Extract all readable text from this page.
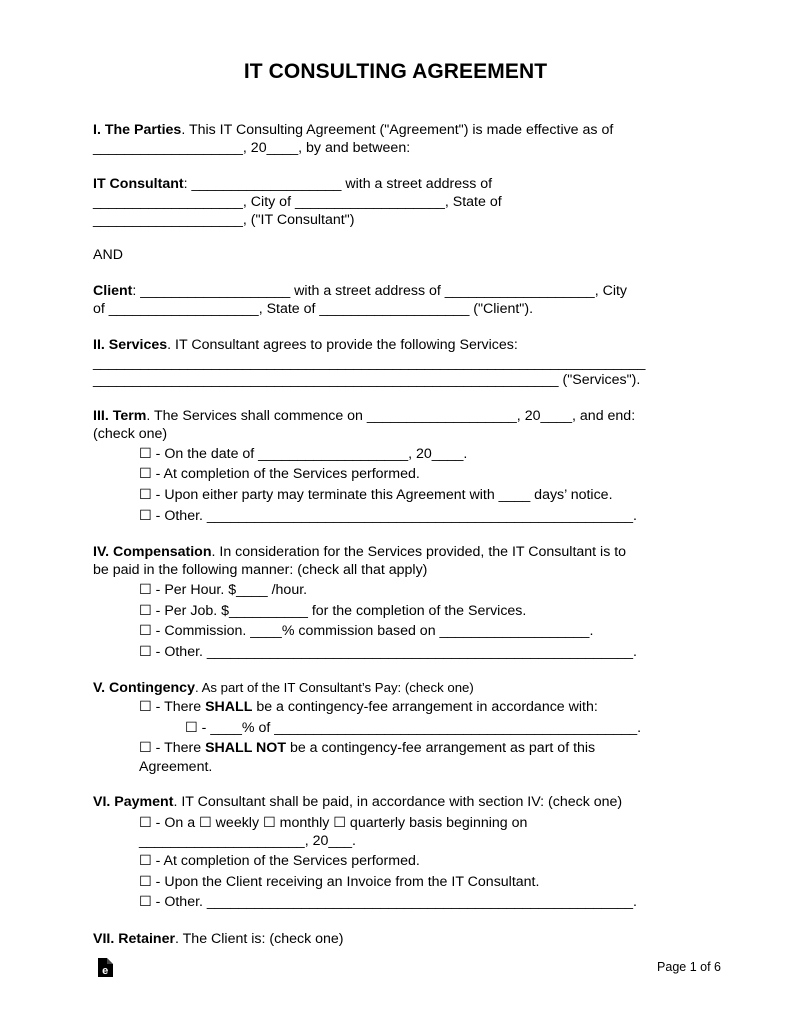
IT CONSULTING AGREEMENT
I. The Parties. This IT Consulting Agreement ("Agreement") is made effective as of
___________________, 20____, by and between:
IT Consultant: ___________________ with a street address of
___________________, City of ___________________, State of
___________________, ("IT Consultant")
AND
Client: ___________________ with a street address of ___________________, City
of ___________________, State of ___________________ ("Client").
II. Services. IT Consultant agrees to provide the following Services:
______________________________________________________________________
___________________________________________________________ ("Services").
III. Term. The Services shall commence on ___________________, 20____, and end:
(check one)
☐ - On the date of ___________________, 20____.
☐ - At completion of the Services performed.
☐ - Upon either party may terminate this Agreement with ____ days’ notice.
☐ - Other. ______________________________________________________.
IV. Compensation. In consideration for the Services provided, the IT Consultant is to
be paid in the following manner: (check all that apply)
☐ - Per Hour. $____ /hour.
☐ - Per Job. $__________ for the completion of the Services.
☐ - Commission. ____% commission based on ___________________.
☐ - Other. ______________________________________________________.
V. Contingency. As part of the IT Consultant’s Pay: (check one)
☐ - There SHALL be a contingency-fee arrangement in accordance with:
☐ - ____% of ______________________________________________.
☐ - There SHALL NOT be a contingency-fee arrangement as part of this
Agreement.
VI. Payment. IT Consultant shall be paid, in accordance with section IV: (check one)
☐ - On a ☐ weekly ☐ monthly ☐ quarterly basis beginning on
_____________________, 20___.
☐ - At completion of the Services performed.
☐ - Upon the Client receiving an Invoice from the IT Consultant.
☐ - Other. ______________________________________________________.
VII. Retainer. The Client is: (check one)
e	Page 1 of 6
